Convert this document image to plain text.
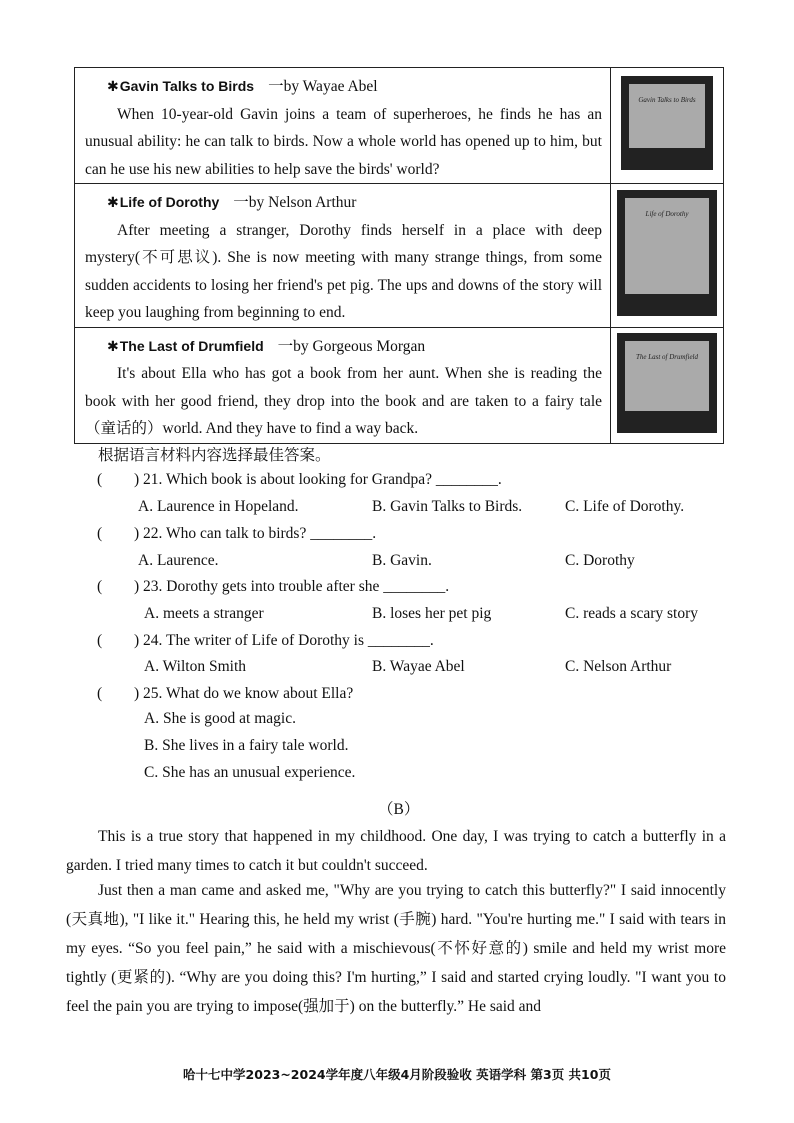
✱Gavin Talks to Birds 一by Wayae Abel
When 10-year-old Gavin joins a team of superheroes, he finds he has an unusual ability: he can talk to birds. Now a whole world has opened up to him, but can he use his new abilities to help save the birds' world?	Gavin Talks to Birds

✱Life of Dorothy 一by Nelson Arthur
After meeting a stranger, Dorothy finds herself in a place with deep mystery(不可思议). She is now meeting with many strange things, from some sudden accidents to losing her friend's pet pig. The ups and downs of the story will keep you laughing from beginning to end.	Life of Dorothy

✱The Last of Drumfield 一by Gorgeous Morgan
It's about Ella who has got a book from her aunt. When she is reading the book with her good friend, they drop into the book and are taken to a fairy tale（童话的）world. And they have to find a way back.	The Last of Drumfield
根据语言材料内容选择最佳答案。
( ) 21. Which book is about looking for Grandpa? ________.
A. Laurence in Hopeland.	B. Gavin Talks to Birds.	C. Life of Dorothy.
( ) 22. Who can talk to birds? ________.
A. Laurence.	B. Gavin.	C. Dorothy
( ) 23. Dorothy gets into trouble after she ________.
A. meets a stranger	B. loses her pet pig	C. reads a scary story
( ) 24. The writer of Life of Dorothy is ________.
A. Wilton Smith	B. Wayae Abel	C. Nelson Arthur
( ) 25. What do we know about Ella?
A. She is good at magic.
B. She lives in a fairy tale world.
C. She has an unusual experience.
（B）
This is a true story that happened in my childhood. One day, I was trying to catch a butterfly in a garden. I tried many times to catch it but couldn't succeed.
Just then a man came and asked me, "Why are you trying to catch this butterfly?" I said innocently (天真地), "I like it." Hearing this, he held my wrist (手腕) hard. "You're hurting me." I said with tears in my eyes. “So you feel pain,” he said with a mischievous(不怀好意的) smile and held my wrist more tightly (更紧的). “Why are you doing this? I'm hurting,” I said and started crying loudly. "I want you to feel the pain you are trying to impose(强加于) on the butterfly.” He said and
哈十七中学2023~2024学年度八年级4月阶段验收 英语学科 第3页 共10页
